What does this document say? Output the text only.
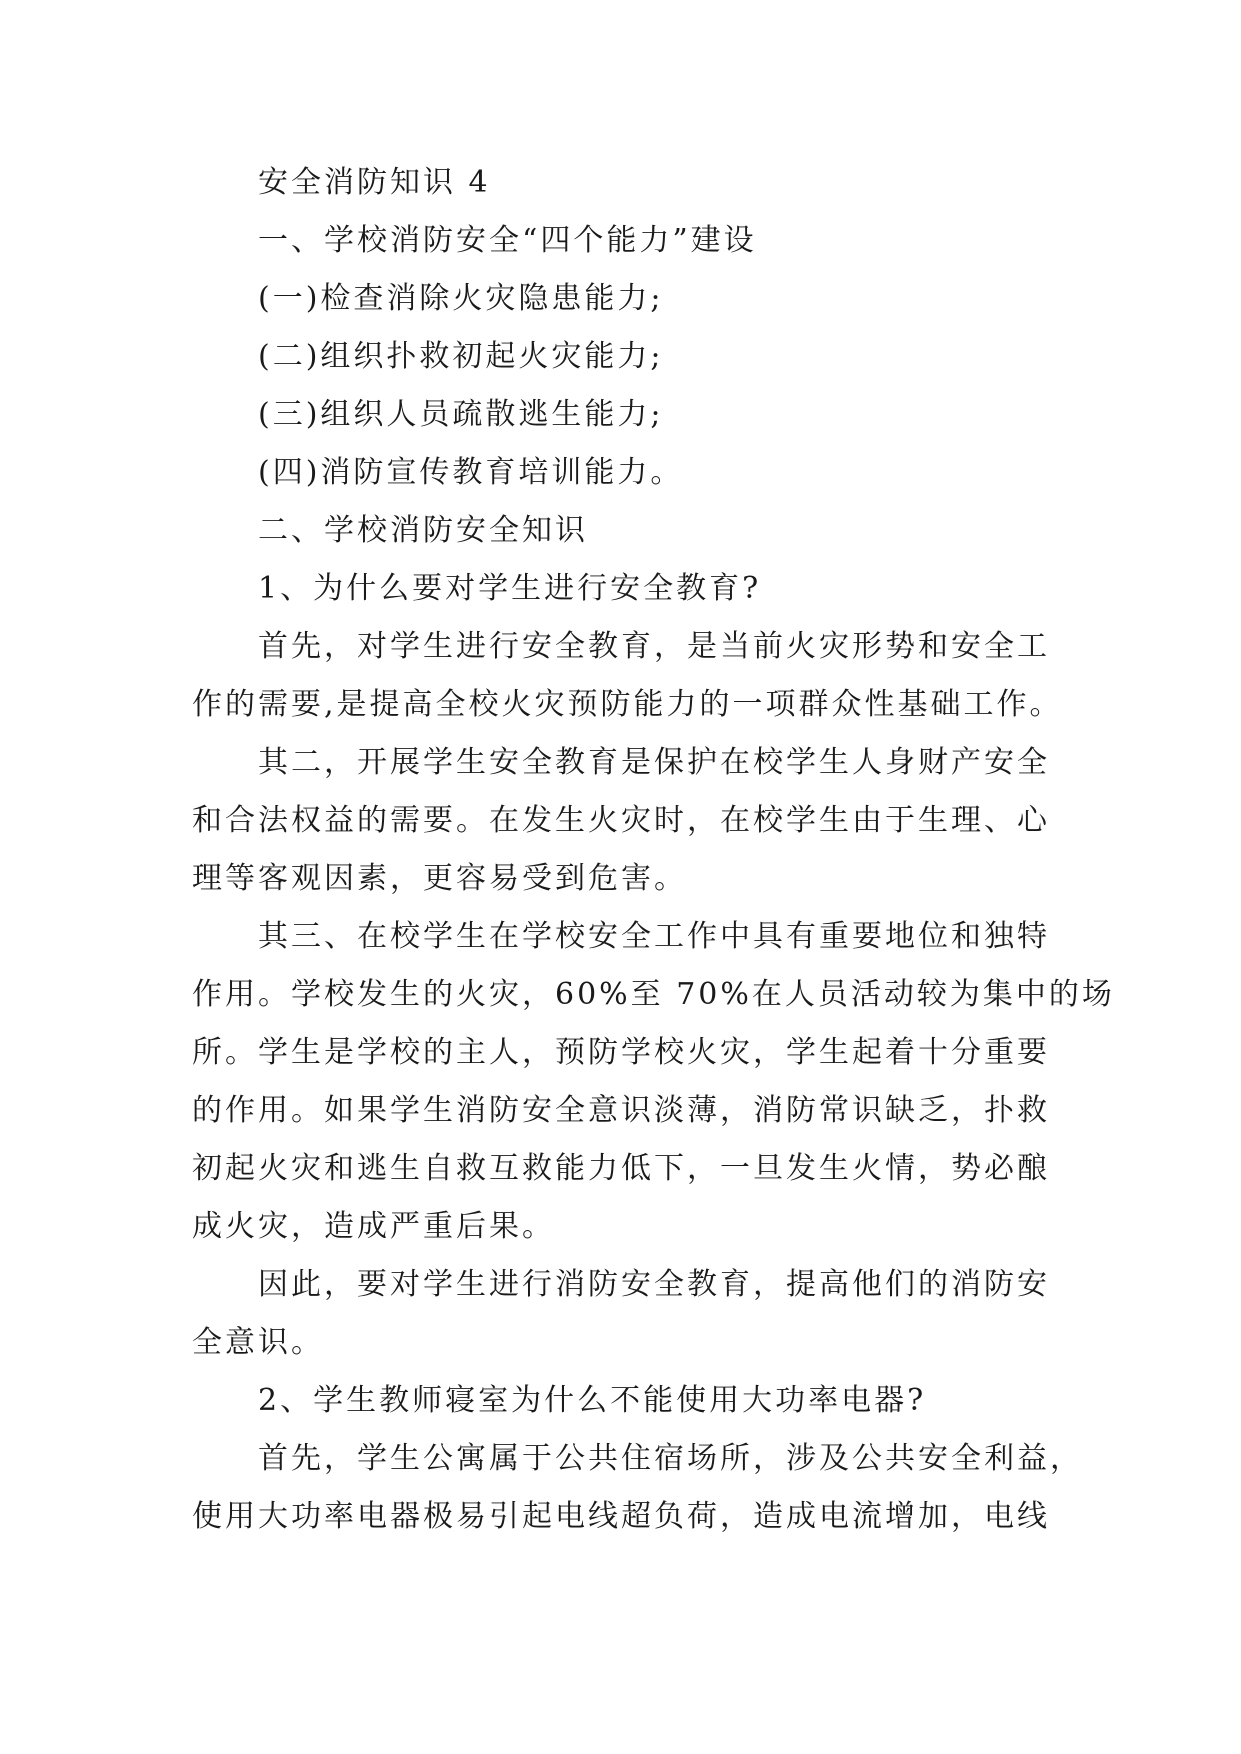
安全消防知识 4
一、学校消防安全“四个能力”建设
(一)检查消除火灾隐患能力;
(二)组织扑救初起火灾能力;
(三)组织人员疏散逃生能力;
(四)消防宣传教育培训能力。
二、学校消防安全知识
1、为什么要对学生进行安全教育?
首先，对学生进行安全教育，是当前火灾形势和安全工
作的需要,是提高全校火灾预防能力的一项群众性基础工作。
其二，开展学生安全教育是保护在校学生人身财产安全
和合法权益的需要。在发生火灾时，在校学生由于生理、心
理等客观因素，更容易受到危害。
其三、在校学生在学校安全工作中具有重要地位和独特
作用。学校发生的火灾，60%至 70%在人员活动较为集中的场
所。学生是学校的主人，预防学校火灾，学生起着十分重要
的作用。如果学生消防安全意识淡薄，消防常识缺乏，扑救
初起火灾和逃生自救互救能力低下，一旦发生火情，势必酿
成火灾，造成严重后果。
因此，要对学生进行消防安全教育，提高他们的消防安
全意识。
2、学生教师寝室为什么不能使用大功率电器?
首先，学生公寓属于公共住宿场所，涉及公共安全利益，
使用大功率电器极易引起电线超负荷，造成电流增加，电线
